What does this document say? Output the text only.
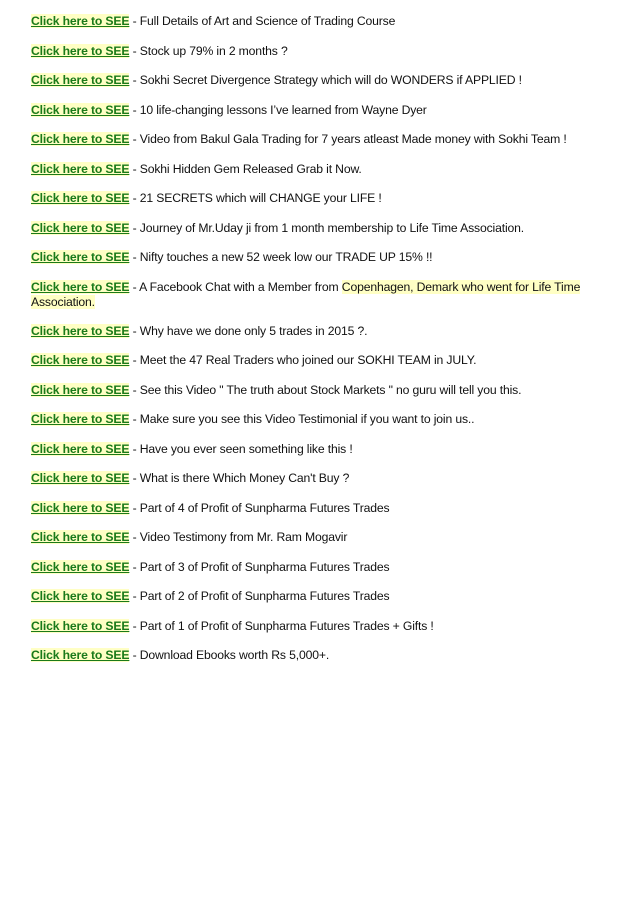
Click here to SEE - Full Details of Art and Science of Trading Course

Click here to SEE - Stock up 79% in 2 months ?

Click here to SEE - Sokhi Secret Divergence Strategy which will do WONDERS if APPLIED !

Click here to SEE - 10 life-changing lessons I’ve learned from Wayne Dyer

Click here to SEE - Video from Bakul Gala Trading for 7 years atleast Made money with Sokhi Team !

Click here to SEE - Sokhi Hidden Gem Released Grab it Now.

Click here to SEE - 21 SECRETS which will CHANGE your LIFE !

Click here to SEE - Journey of Mr.Uday ji from 1 month membership to Life Time Association.

Click here to SEE - Nifty touches a new 52 week low our TRADE UP 15% !!

Click here to SEE - A Facebook Chat with a Member from Copenhagen, Demark who went for Life Time Association.

Click here to SEE - Why have we done only 5 trades in 2015 ?.

Click here to SEE - Meet the 47 Real Traders who joined our SOKHI TEAM in JULY.

Click here to SEE - See this Video " The truth about Stock Markets " no guru will tell you this.

Click here to SEE - Make sure you see this Video Testimonial if you want to join us..

Click here to SEE - Have you ever seen something like this !

Click here to SEE - What is there Which Money Can't Buy ?

Click here to SEE - Part of 4 of Profit of Sunpharma Futures Trades

Click here to SEE - Video Testimony from Mr. Ram Mogavir

Click here to SEE - Part of 3 of Profit of Sunpharma Futures Trades

Click here to SEE - Part of 2 of Profit of Sunpharma Futures Trades

Click here to SEE - Part of 1 of Profit of Sunpharma Futures Trades + Gifts !

Click here to SEE - Download Ebooks worth Rs 5,000+.
